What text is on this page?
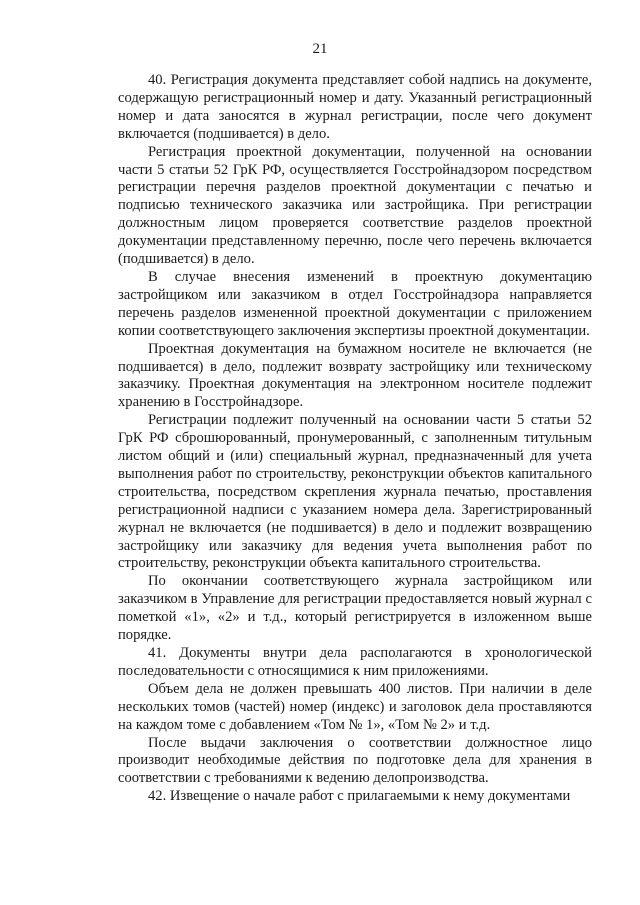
21

40. Регистрация документа представляет собой надпись на документе, содержащую регистрационный номер и дату. Указанный регистрационный номер и дата заносятся в журнал регистрации, после чего документ включается (подшивается) в дело.

Регистрация проектной документации, полученной на основании части 5 статьи 52 ГрК РФ, осуществляется Госстройнадзором посредством регистрации перечня разделов проектной документации с печатью и подписью технического заказчика или застройщика. При регистрации должностным лицом проверяется соответствие разделов проектной документации представленному перечню, после чего перечень включается (подшивается) в дело.

В случае внесения изменений в проектную документацию застройщиком или заказчиком в отдел Госстройнадзора направляется перечень разделов измененной проектной документации с приложением копии соответствующего заключения экспертизы проектной документации.

Проектная документация на бумажном носителе не включается (не подшивается) в дело, подлежит возврату застройщику или техническому заказчику. Проектная документация на электронном носителе подлежит хранению в Госстройнадзоре.

Регистрации подлежит полученный на основании части 5 статьи 52 ГрК РФ сброшюрованный, пронумерованный, с заполненным титульным листом общий и (или) специальный журнал, предназначенный для учета выполнения работ по строительству, реконструкции объектов капитального строительства, посредством скрепления журнала печатью, проставления регистрационной надписи с указанием номера дела. Зарегистрированный журнал не включается (не подшивается) в дело и подлежит возвращению застройщику или заказчику для ведения учета выполнения работ по строительству, реконструкции объекта капитального строительства.

По окончании соответствующего журнала застройщиком или заказчиком в Управление для регистрации предоставляется новый журнал с пометкой «1», «2» и т.д., который регистрируется в изложенном выше порядке.

41. Документы внутри дела располагаются в хронологической последовательности с относящимися к ним приложениями.

Объем дела не должен превышать 400 листов. При наличии в деле нескольких томов (частей) номер (индекс) и заголовок дела проставляются на каждом томе с добавлением «Том № 1», «Том № 2» и т.д.

После выдачи заключения о соответствии должностное лицо производит необходимые действия по подготовке дела для хранения в соответствии с требованиями к ведению делопроизводства.

42. Извещение о начале работ с прилагаемыми к нему документами
